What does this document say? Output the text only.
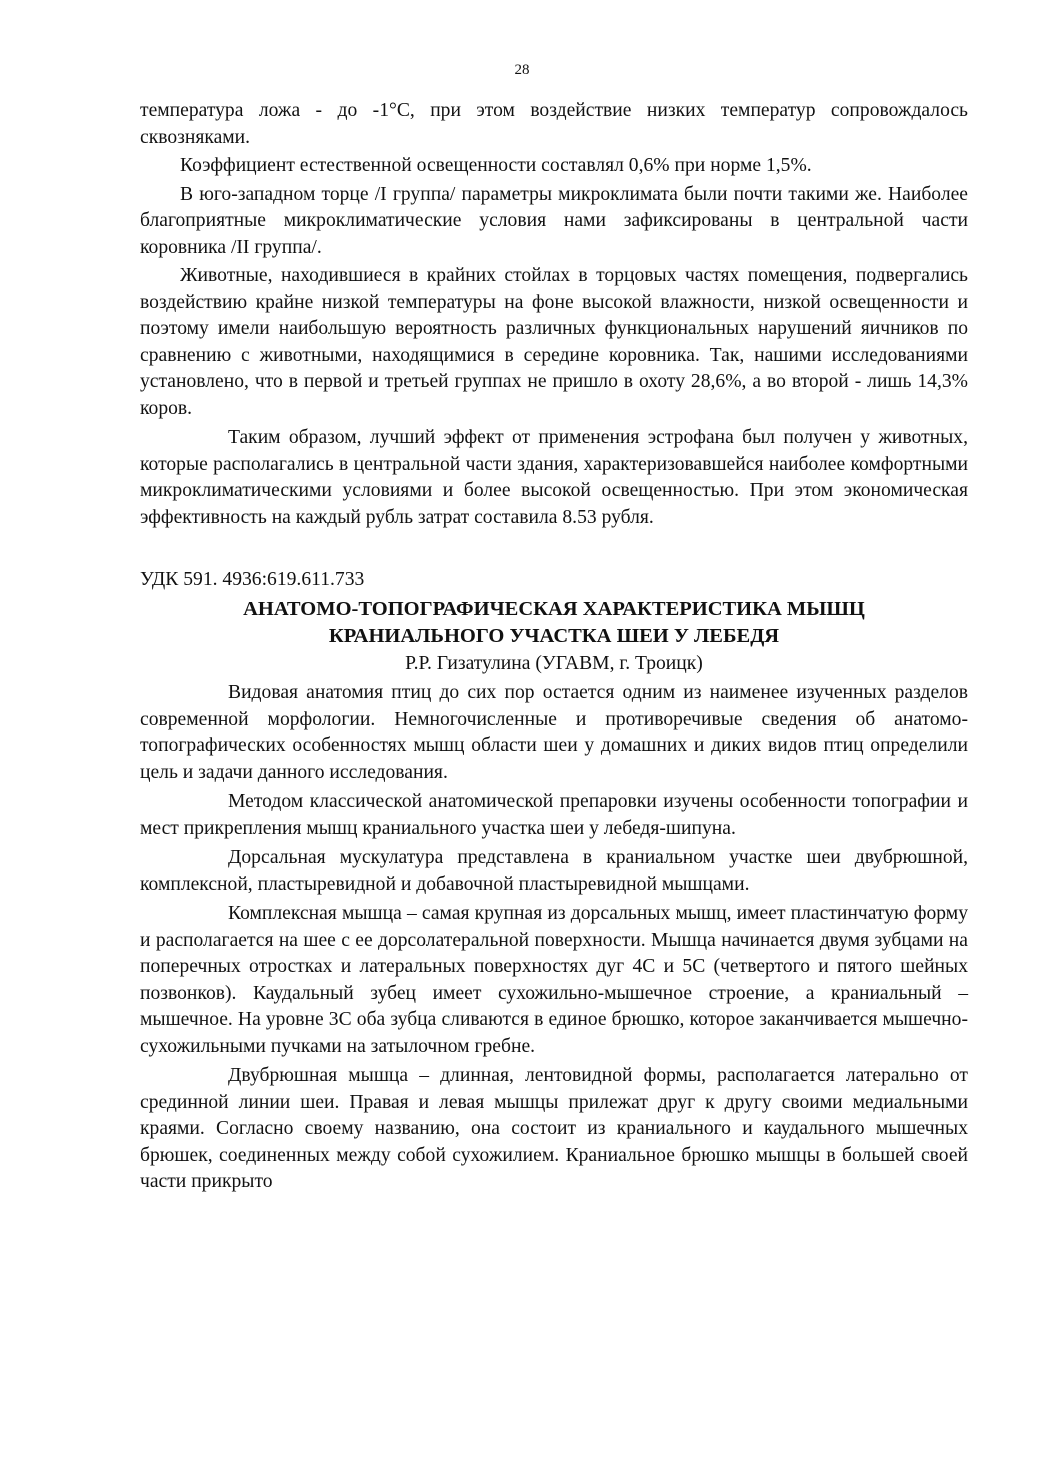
28

температура ложа - до -1°С, при этом воздействие низких температур сопровождалось сквозняками.

Коэффициент естественной освещенности составлял 0,6% при норме 1,5%.

В юго-западном торце /I группа/ параметры микроклимата были почти такими же. Наиболее благоприятные микроклиматические условия нами зафиксированы в центральной части коровника /II группа/.

Животные, находившиеся в крайних стойлах в торцовых частях помещения, подвергались воздействию крайне низкой температуры на фоне высокой влажности, низкой освещенности и поэтому имели наибольшую вероятность различных функциональных нарушений яичников по сравнению с животными, находящимися в середине коровника. Так, нашими исследованиями установлено, что в первой и третьей группах не пришло в охоту 28,6%, а во второй - лишь 14,3% коров.

Таким образом, лучший эффект от применения эстрофана был получен у животных, которые располагались в центральной части здания, характеризовавшейся наиболее комфортными микроклиматическими условиями и более высокой освещенностью. При этом экономическая эффективность на каждый рубль затрат составила 8.53 рубля.

УДК 591. 4936:619.611.733

АНАТОМО-ТОПОГРАФИЧЕСКАЯ ХАРАКТЕРИСТИКА МЫШЦ

КРАНИАЛЬНОГО УЧАСТКА ШЕИ У ЛЕБЕДЯ

Р.Р. Гизатулина (УГАВМ, г. Троицк)

Видовая анатомия птиц до сих пор остается одним из наименее изученных разделов современной морфологии. Немногочисленные и противоречивые сведения об анатомо-топографических особенностях мышц области шеи у домашних и диких видов птиц определили цель и задачи данного исследования.

Методом классической анатомической препаровки изучены особенности топографии и мест прикрепления мышц краниального участка шеи у лебедя-шипуна.

Дорсальная мускулатура представлена в краниальном участке шеи двубрюшной, комплексной, пластыревидной и добавочной пластыревидной мышцами.

Комплексная мышца – самая крупная из дорсальных мышц, имеет пластинчатую форму и располагается на шее с ее дорсолатеральной поверхности. Мышца начинается двумя зубцами на поперечных отростках и латеральных поверхностях дуг 4С и 5С (четвертого и пятого шейных позвонков). Каудальный зубец имеет сухожильно-мышечное строение, а краниальный – мышечное. На уровне 3С оба зубца сливаются в единое брюшко, которое заканчивается мышечно-сухожильными пучками на затылочном гребне.

Двубрюшная мышца – длинная, лентовидной формы, располагается латерально от срединной линии шеи. Правая и левая мышцы прилежат друг к другу своими медиальными краями. Согласно своему названию, она состоит из краниального и каудального мышечных брюшек, соединенных между собой сухожилием. Краниальное брюшко мышцы в большей своей части прикрыто
